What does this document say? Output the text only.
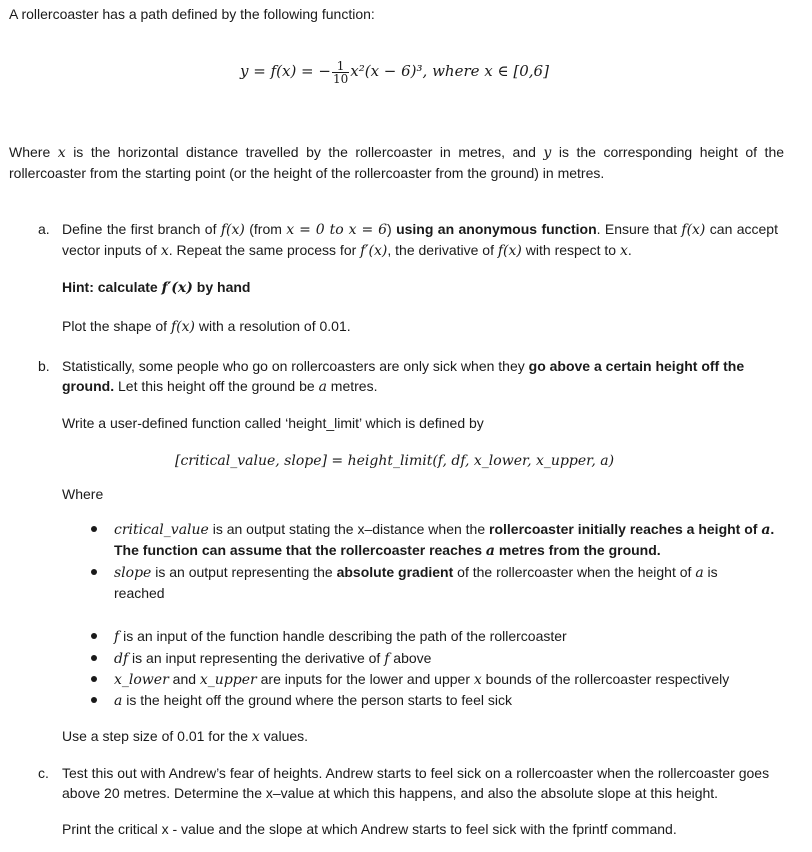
A rollercoaster has a path defined by the following function:
y = f(x) = − $\frac{1}{10} x^2(x - 6)^3$, where x ∈ [0,6]
Where x is the horizontal distance travelled by the rollercoaster in metres, and y is the corresponding height of the rollercoaster from the starting point (or the height of the rollercoaster from the ground) in metres.
a. Define the first branch of f(x) (from x = 0 to x = 6) using an anonymous function. Ensure that f(x) can accept vector inputs of x. Repeat the same process for f′(x), the derivative of f(x) with respect to x.
Hint: calculate f′(x) by hand
Plot the shape of f(x) with a resolution of 0.01.
b. Statistically, some people who go on rollercoasters are only sick when they go above a certain height off the ground. Let this height off the ground be a metres.
Write a user-defined function called ‘height_limit’ which is defined by
[critical_value, slope] = height_limit(f, df, x_lower, x_upper, a)
Where
critical_value is an output stating the x–distance when the rollercoaster initially reaches a height of a.
The function can assume that the rollercoaster reaches a metres from the ground.
slope is an output representing the absolute gradient of the rollercoaster when the height of a is
reached
f is an input of the function handle describing the path of the rollercoaster
df is an input representing the derivative of f above
x_lower and x_upper are inputs for the lower and upper x bounds of the rollercoaster respectively
a is the height off the ground where the person starts to feel sick
Use a step size of 0.01 for the x values.
c. Test this out with Andrew’s fear of heights. Andrew starts to feel sick on a rollercoaster when the rollercoaster goes above 20 metres. Determine the x–value at which this happens, and also the absolute slope at this height.
Print the critical x - value and the slope at which Andrew starts to feel sick with the fprintf command.
